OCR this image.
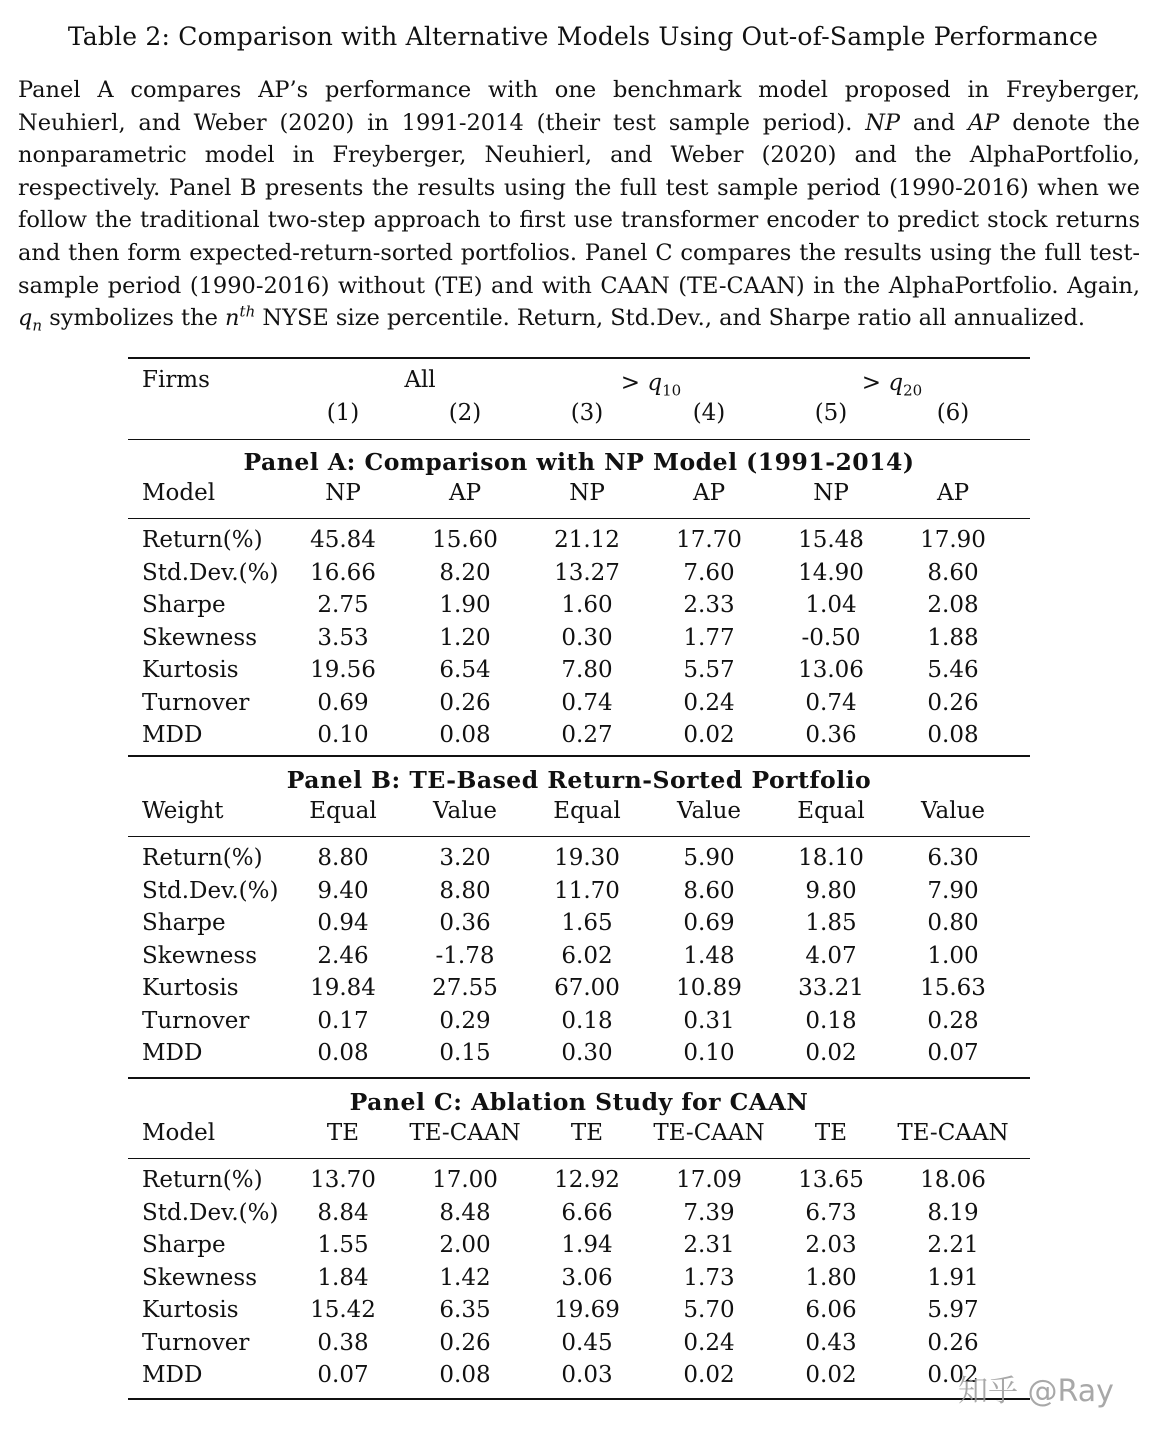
Table 2: Comparison with Alternative Models Using Out-of-Sample Performance
Panel A compares AP’s performance with one benchmark model proposed in Freyberger, Neuhierl, and Weber (2020) in 1991-2014 (their test sample period). NP and AP denote the nonparametric model in Freyberger, Neuhierl, and Weber (2020) and the AlphaPortfolio, respectively. Panel B presents the results using the full test sample period (1990-2016) when we follow the traditional two-step approach to first use transformer encoder to predict stock returns and then form expected-return-sorted portfolios. Panel C compares the results using the full test-sample period (1990-2016) without (TE) and with CAAN (TE-CAAN) in the AlphaPortfolio. Again, $q_n$ symbolizes the $n^{th}$ NYSE size percentile. Return, Std.Dev., and Sharpe ratio all annualized.
Firms	All	> $q_{10}$	> $q_{20}$
(1)	(2)	(3)	(4)	(5)	(6)
Panel A: Comparison with NP Model (1991-2014)
Model	NP	AP	NP	AP	NP	AP
Return(%) 45.84 15.60 21.12 17.70 15.48 17.90
Std.Dev.(%) 16.66	8.20	13.27	7.60	14.90	8.60
Sharpe	2.75	1.90	1.60	2.33	1.04	2.08
Skewness	3.53	1.20	0.30	1.77	-0.50	1.88
Kurtosis	19.56	6.54	7.80	5.57	13.06	5.46
Turnover	0.69	0.26	0.74	0.24	0.74	0.26
MDD	0.10	0.08	0.27	0.02	0.36	0.08
Panel B: TE-Based Return-Sorted Portfolio
Weight	Equal Value Equal Value Equal Value
Return(%) 8.80	3.20	19.30	5.90	18.10	6.30
Std.Dev.(%) 9.40	8.80	11.70	8.60	9.80	7.90
Sharpe	0.94	0.36	1.65	0.69	1.85	0.80
Skewness	2.46	-1.78	6.02	1.48	4.07	1.00
Kurtosis	19.84 27.55 67.00 10.89 33.21 15.63
Turnover	0.17	0.29	0.18	0.31	0.18	0.28
MDD	0.08	0.15	0.30	0.10	0.02	0.07
Panel C: Ablation Study for CAAN
Model	TE TE-CAAN TE TE-CAAN TE TE-CAAN
Return(%) 13.70 17.00 12.92 17.09 13.65 18.06
Std.Dev.(%) 8.84	8.48	6.66	7.39	6.73	8.19
Sharpe	1.55	2.00	1.94	2.31	2.03	2.21
Skewness	1.84	1.42	3.06	1.73	1.80	1.91
Kurtosis	15.42	6.35	19.69	5.70	6.06	5.97
Turnover	0.38	0.26	0.45	0.24	0.43	0.26
MDD	0.07	0.08	0.03	0.02	0.02	0.02
知乎 @Ray
